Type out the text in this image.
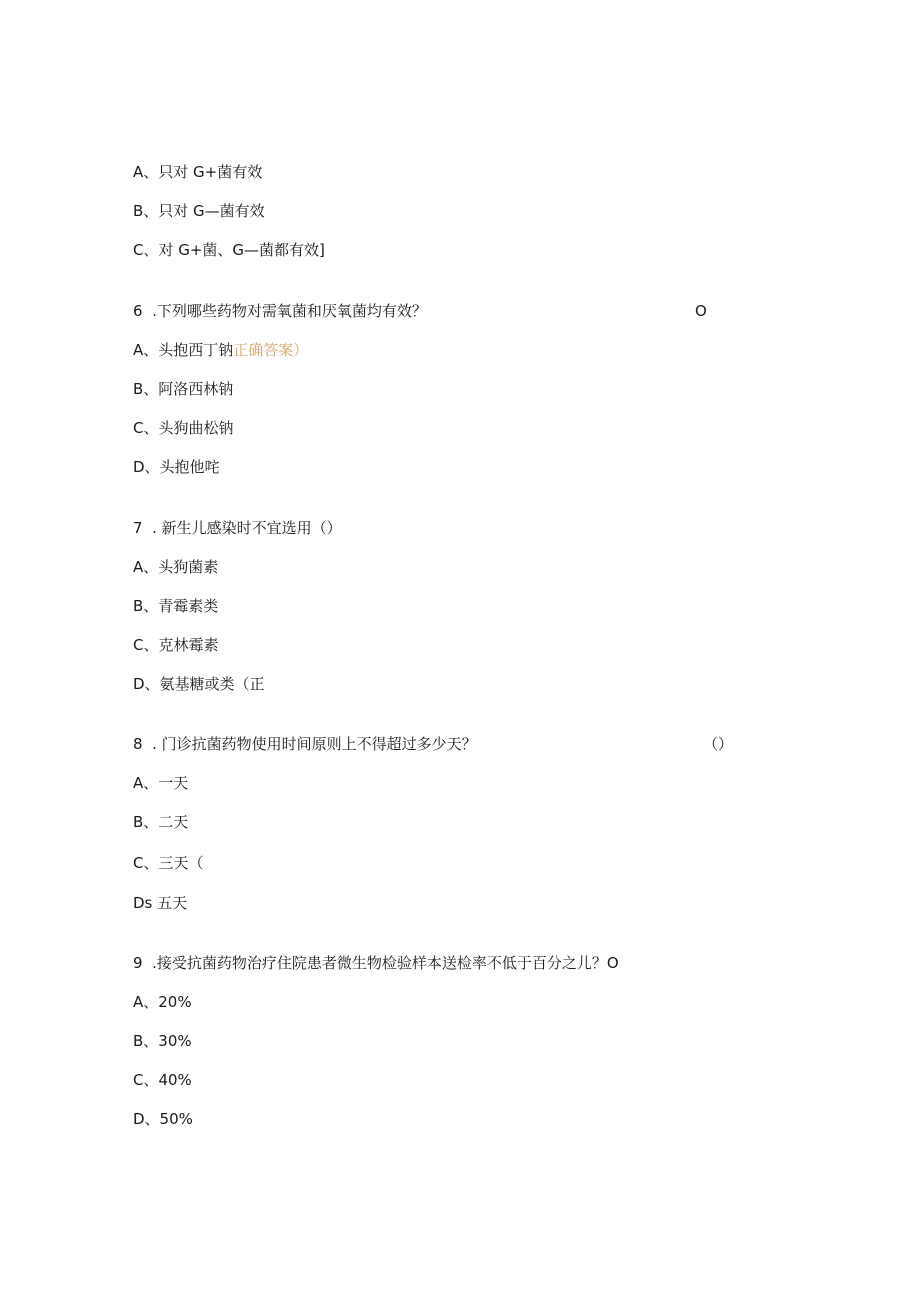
A、只对 G+菌有效
B、只对 G—菌有效
C、对 G+菌、G—菌都有效]
6  .下列哪些药物对需氧菌和厌氧菌均有效？	O
A、头抱西丁钠正确答案）
B、阿洛西林钠
C、头狗曲松钠
D、头抱他咤
7  . 新生儿感染时不宜选用（）
A、头狗菌素
B、青霉素类
C、克林霉素
D、氨基糖或类（正
8  . 门诊抗菌药物使用时间原则上不得超过多少天？	（）
A、一天
B、二天
C、三天（
Ds 五天
9  .接受抗菌药物治疗住院患者微生物检验样本送检率不低于百分之儿？O
A、20%
B、30%
C、40%
D、50%
